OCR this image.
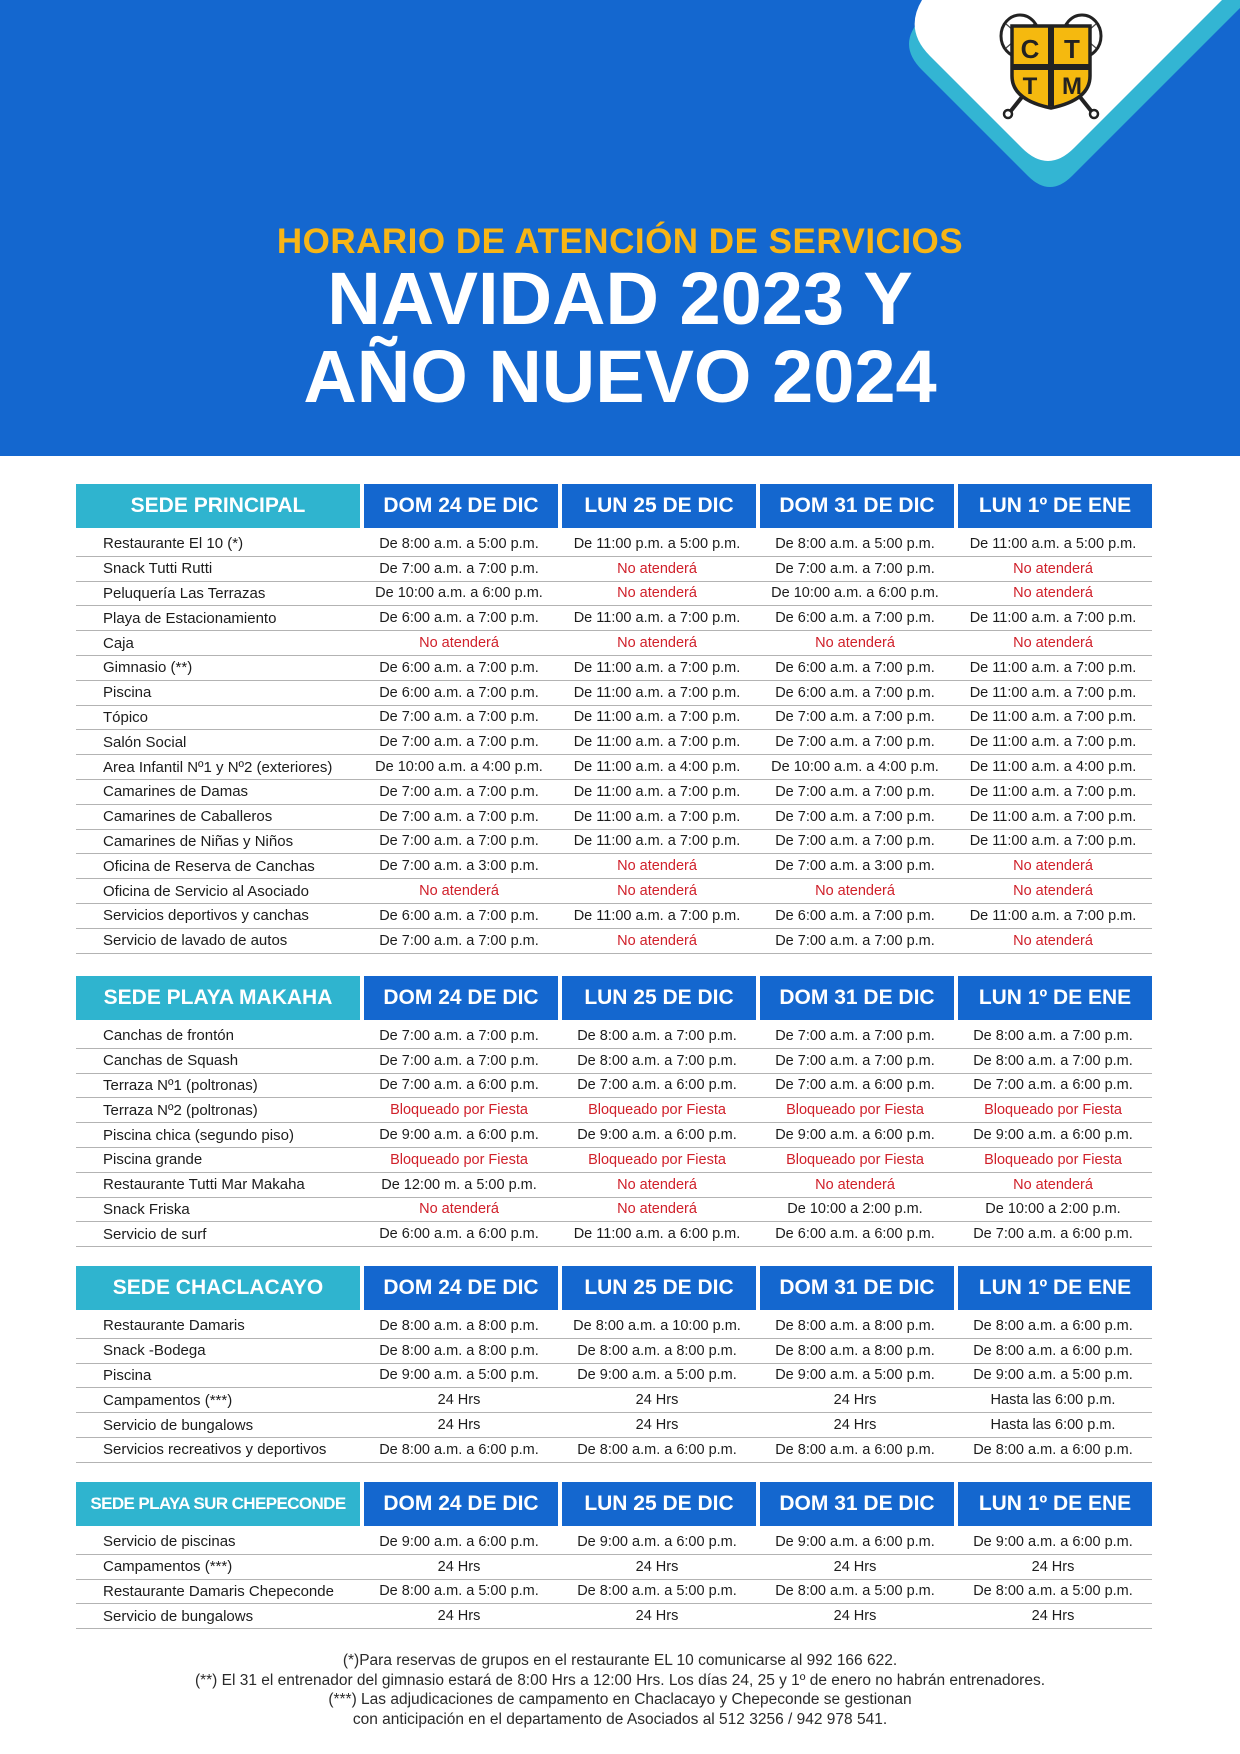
C T
T M
HORARIO DE ATENCIÓN DE SERVICIOS
NAVIDAD 2023 Y
AÑO NUEVO 2024
SEDE PRINCIPAL	DOM 24 DE DIC	LUN 25 DE DIC	DOM 31 DE DIC	LUN 1º DE ENE
Restaurante El 10 (*)	De 8:00 a.m. a 5:00 p.m.	De 11:00 p.m. a 5:00 p.m.	De 8:00 a.m. a 5:00 p.m.	De 11:00 a.m. a 5:00 p.m.
Snack Tutti Rutti	De 7:00 a.m. a 7:00 p.m.	No atenderá	De 7:00 a.m. a 7:00 p.m.	No atenderá
Peluquería Las Terrazas	De 10:00 a.m. a 6:00 p.m.	No atenderá	De 10:00 a.m. a 6:00 p.m.	No atenderá
Playa de Estacionamiento	De 6:00 a.m. a 7:00 p.m.	De 11:00 a.m. a 7:00 p.m.	De 6:00 a.m. a 7:00 p.m.	De 11:00 a.m. a 7:00 p.m.
Caja	No atenderá	No atenderá	No atenderá	No atenderá
Gimnasio (**)	De 6:00 a.m. a 7:00 p.m.	De 11:00 a.m. a 7:00 p.m.	De 6:00 a.m. a 7:00 p.m.	De 11:00 a.m. a 7:00 p.m.
Piscina	De 6:00 a.m. a 7:00 p.m.	De 11:00 a.m. a 7:00 p.m.	De 6:00 a.m. a 7:00 p.m.	De 11:00 a.m. a 7:00 p.m.
Tópico	De 7:00 a.m. a 7:00 p.m.	De 11:00 a.m. a 7:00 p.m.	De 7:00 a.m. a 7:00 p.m.	De 11:00 a.m. a 7:00 p.m.
Salón Social	De 7:00 a.m. a 7:00 p.m.	De 11:00 a.m. a 7:00 p.m.	De 7:00 a.m. a 7:00 p.m.	De 11:00 a.m. a 7:00 p.m.
Area Infantil Nº1 y Nº2 (exteriores)	De 10:00 a.m. a 4:00 p.m.	De 11:00 a.m. a 4:00 p.m.	De 10:00 a.m. a 4:00 p.m.	De 11:00 a.m. a 4:00 p.m.
Camarines de Damas	De 7:00 a.m. a 7:00 p.m.	De 11:00 a.m. a 7:00 p.m.	De 7:00 a.m. a 7:00 p.m.	De 11:00 a.m. a 7:00 p.m.
Camarines de Caballeros	De 7:00 a.m. a 7:00 p.m.	De 11:00 a.m. a 7:00 p.m.	De 7:00 a.m. a 7:00 p.m.	De 11:00 a.m. a 7:00 p.m.
Camarines de Niñas y Niños	De 7:00 a.m. a 7:00 p.m.	De 11:00 a.m. a 7:00 p.m.	De 7:00 a.m. a 7:00 p.m.	De 11:00 a.m. a 7:00 p.m.
Oficina de Reserva de Canchas	De 7:00 a.m. a 3:00 p.m.	No atenderá	De 7:00 a.m. a 3:00 p.m.	No atenderá
Oficina de Servicio al Asociado	No atenderá	No atenderá	No atenderá	No atenderá
Servicios deportivos y canchas	De 6:00 a.m. a 7:00 p.m.	De 11:00 a.m. a 7:00 p.m.	De 6:00 a.m. a 7:00 p.m.	De 11:00 a.m. a 7:00 p.m.
Servicio de lavado de autos	De 7:00 a.m. a 7:00 p.m.	No atenderá	De 7:00 a.m. a 7:00 p.m.	No atenderá
SEDE PLAYA MAKAHA	DOM 24 DE DIC	LUN 25 DE DIC	DOM 31 DE DIC	LUN 1º DE ENE
Canchas de frontón	De 7:00 a.m. a 7:00 p.m.	De 8:00 a.m. a 7:00 p.m.	De 7:00 a.m. a 7:00 p.m.	De 8:00 a.m. a 7:00 p.m.
Canchas de Squash	De 7:00 a.m. a 7:00 p.m.	De 8:00 a.m. a 7:00 p.m.	De 7:00 a.m. a 7:00 p.m.	De 8:00 a.m. a 7:00 p.m.
Terraza Nº1 (poltronas)	De 7:00 a.m. a 6:00 p.m.	De 7:00 a.m. a 6:00 p.m.	De 7:00 a.m. a 6:00 p.m.	De 7:00 a.m. a 6:00 p.m.
Terraza Nº2 (poltronas)	Bloqueado por Fiesta	Bloqueado por Fiesta	Bloqueado por Fiesta	Bloqueado por Fiesta
Piscina chica (segundo piso)	De 9:00 a.m. a 6:00 p.m.	De 9:00 a.m. a 6:00 p.m.	De 9:00 a.m. a 6:00 p.m.	De 9:00 a.m. a 6:00 p.m.
Piscina grande	Bloqueado por Fiesta	Bloqueado por Fiesta	Bloqueado por Fiesta	Bloqueado por Fiesta
Restaurante Tutti Mar Makaha	De 12:00 m. a 5:00 p.m.	No atenderá	No atenderá	No atenderá
Snack Friska	No atenderá	No atenderá	De 10:00 a 2:00 p.m.	De 10:00 a 2:00 p.m.
Servicio de surf	De 6:00 a.m. a 6:00 p.m.	De 11:00 a.m. a 6:00 p.m.	De 6:00 a.m. a 6:00 p.m.	De 7:00 a.m. a 6:00 p.m.
SEDE CHACLACAYO	DOM 24 DE DIC	LUN 25 DE DIC	DOM 31 DE DIC	LUN 1º DE ENE
Restaurante Damaris	De 8:00 a.m. a 8:00 p.m.	De 8:00 a.m. a 10:00 p.m.	De 8:00 a.m. a 8:00 p.m.	De 8:00 a.m. a 6:00 p.m.
Snack -Bodega	De 8:00 a.m. a 8:00 p.m.	De 8:00 a.m. a 8:00 p.m.	De 8:00 a.m. a 8:00 p.m.	De 8:00 a.m. a 6:00 p.m.
Piscina	De 9:00 a.m. a 5:00 p.m.	De 9:00 a.m. a 5:00 p.m.	De 9:00 a.m. a 5:00 p.m.	De 9:00 a.m. a 5:00 p.m.
Campamentos (***)	24 Hrs	24 Hrs	24 Hrs	Hasta las 6:00 p.m.
Servicio de bungalows	24 Hrs	24 Hrs	24 Hrs	Hasta las 6:00 p.m.
Servicios recreativos y deportivos	De 8:00 a.m. a 6:00 p.m.	De 8:00 a.m. a 6:00 p.m.	De 8:00 a.m. a 6:00 p.m.	De 8:00 a.m. a 6:00 p.m.
SEDE PLAYA SUR CHEPECONDE	DOM 24 DE DIC	LUN 25 DE DIC	DOM 31 DE DIC	LUN 1º DE ENE
Servicio de piscinas	De 9:00 a.m. a 6:00 p.m.	De 9:00 a.m. a 6:00 p.m.	De 9:00 a.m. a 6:00 p.m.	De 9:00 a.m. a 6:00 p.m.
Campamentos (***)	24 Hrs	24 Hrs	24 Hrs	24 Hrs
Restaurante Damaris Chepeconde	De 8:00 a.m. a 5:00 p.m.	De 8:00 a.m. a 5:00 p.m.	De 8:00 a.m. a 5:00 p.m.	De 8:00 a.m. a 5:00 p.m.
Servicio de bungalows	24 Hrs	24 Hrs	24 Hrs	24 Hrs
(*)Para reservas de grupos en el restaurante EL 10 comunicarse al 992 166 622.
(**) El 31 el entrenador del gimnasio estará de 8:00 Hrs a 12:00 Hrs. Los días 24, 25 y 1º de enero no habrán entrenadores.
(***) Las adjudicaciones de campamento en Chaclacayo y Chepeconde se gestionan
con anticipación en el departamento de Asociados al 512 3256 / 942 978 541.
